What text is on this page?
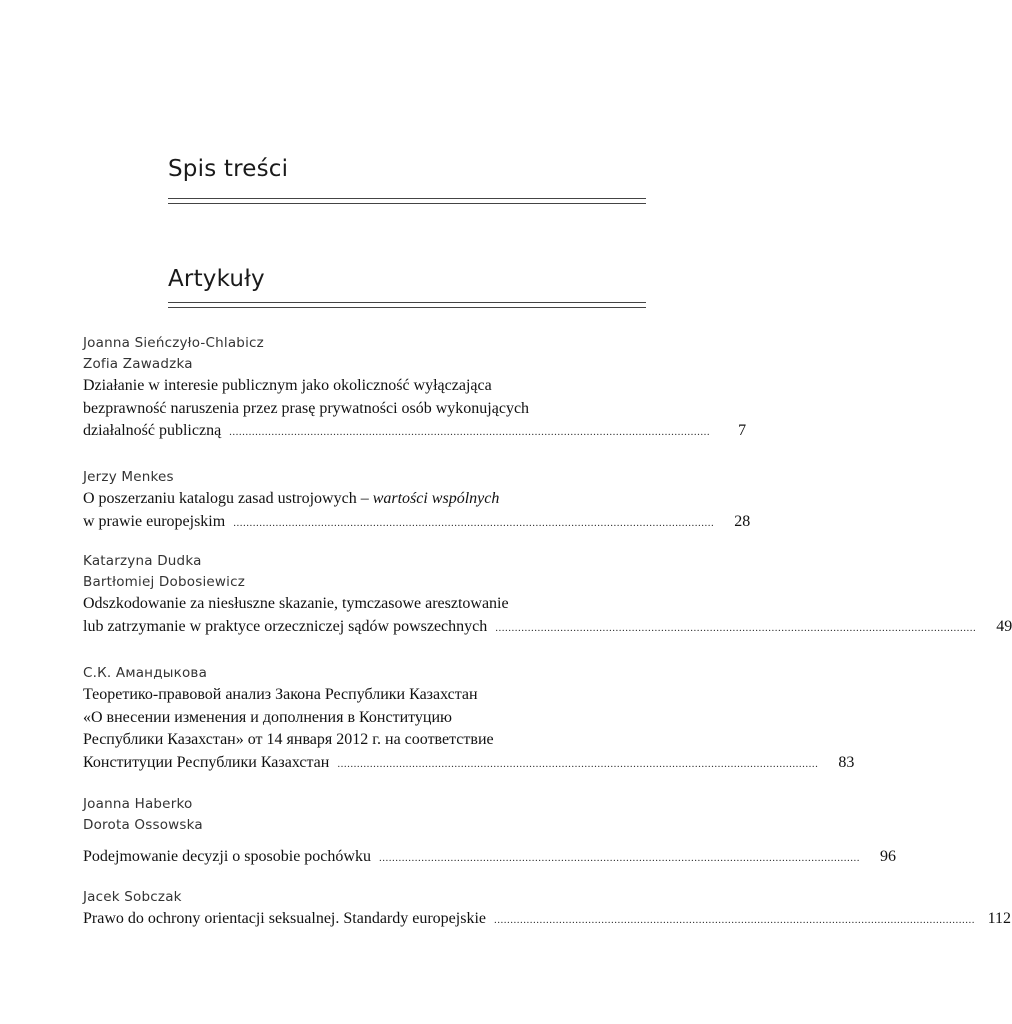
Spis treści
Artykuły
Joanna Sieńczyło-Chlabicz
Zofia Zawadzka
Działanie w interesie publicznym jako okoliczność wyłączająca
bezprawność naruszenia przez prasę prywatności osób wykonujących
działalność publiczną ....................................................................................................................................................	7
Jerzy Menkes
O poszerzaniu katalogu zasad ustrojowych – wartości wspólnych
w prawie europejskim ....................................................................................................................................................	28
Katarzyna Dudka
Bartłomiej Dobosiewicz
Odszkodowanie za niesłuszne skazanie, tymczasowe aresztowanie
lub zatrzymanie w praktyce orzeczniczej sądów powszechnych ....................................................................................................................................................	49
С.К. Амандыкова
Теоретико-правовой анализ Закона Республики Казахстан
«О внесении изменения и дополнения в Конституцию
Республики Казахстан» от 14 января 2012 г. на соответствие
Конституции Республики Казахстан ....................................................................................................................................................	83
Joanna Haberko
Dorota Ossowska
Podejmowanie decyzji o sposobie pochówku ....................................................................................................................................................	96
Jacek Sobczak
Prawo do ochrony orientacji seksualnej. Standardy europejskie .................................................................................................................................................... 112
